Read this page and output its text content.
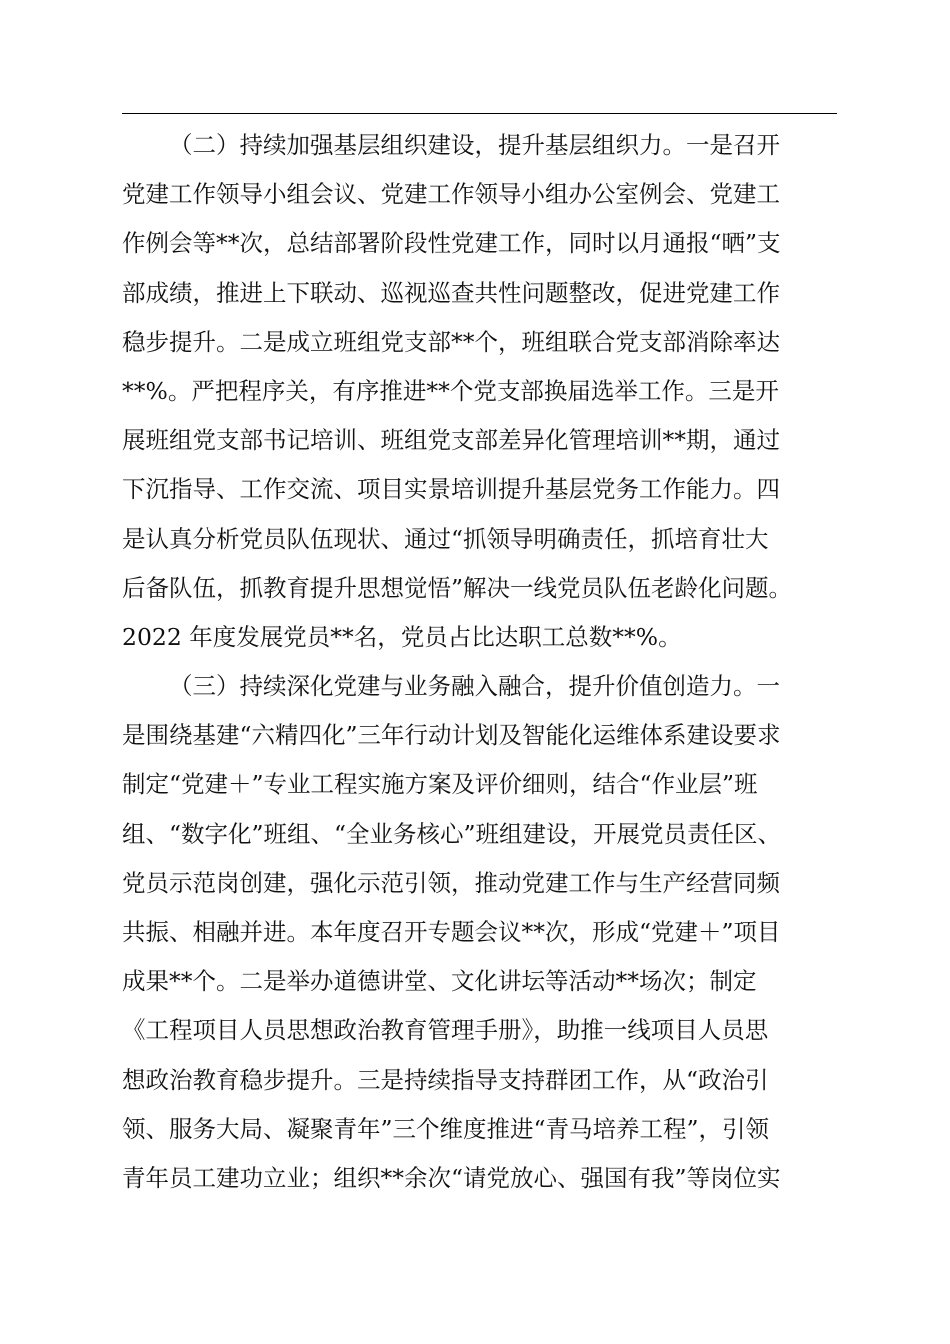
（二）持续加强基层组织建设，提升基层组织力。一是召开
党建工作领导小组会议、党建工作领导小组办公室例会、党建工
作例会等**次，总结部署阶段性党建工作，同时以月通报“晒”支
部成绩，推进上下联动、巡视巡查共性问题整改，促进党建工作
稳步提升。二是成立班组党支部**个，班组联合党支部消除率达
**%。严把程序关，有序推进**个党支部换届选举工作。三是开
展班组党支部书记培训、班组党支部差异化管理培训**期，通过
下沉指导、工作交流、项目实景培训提升基层党务工作能力。四
是认真分析党员队伍现状、通过“抓领导明确责任，抓培育壮大
后备队伍，抓教育提升思想觉悟”解决一线党员队伍老龄化问题。
2022 年度发展党员**名，党员占比达职工总数**%。
（三）持续深化党建与业务融入融合，提升价值创造力。一
是围绕基建“六精四化”三年行动计划及智能化运维体系建设要求
制定“党建＋”专业工程实施方案及评价细则，结合“作业层”班
组、“数字化”班组、“全业务核心”班组建设，开展党员责任区、
党员示范岗创建，强化示范引领，推动党建工作与生产经营同频
共振、相融并进。本年度召开专题会议**次，形成“党建＋”项目
成果**个。二是举办道德讲堂、文化讲坛等活动**场次；制定
《工程项目人员思想政治教育管理手册》，助推一线项目人员思
想政治教育稳步提升。三是持续指导支持群团工作，从“政治引
领、服务大局、凝聚青年”三个维度推进“青马培养工程”，引领
青年员工建功立业；组织**余次“请党放心、强国有我”等岗位实
